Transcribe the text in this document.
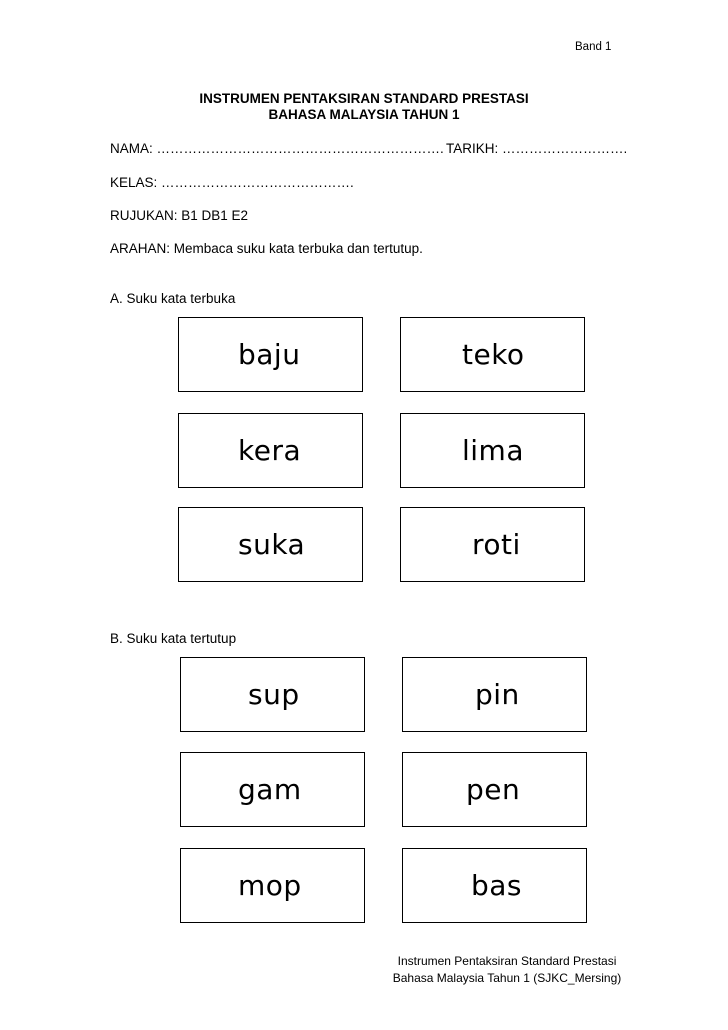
Band 1
INSTRUMEN PENTAKSIRAN STANDARD PRESTASI
BAHASA MALAYSIA TAHUN 1
NAMA: ………………………………………………………. TARIKH: ……………………….
KELAS: …………………………………….
RUJUKAN: B1 DB1 E2
ARAHAN: Membaca suku kata terbuka dan tertutup.
A. Suku kata terbuka
baju	teko
kera	lima
suka	roti
B. Suku kata tertutup
sup	pin
gam	pen
mop	bas
Instrumen Pentaksiran Standard Prestasi
Bahasa Malaysia Tahun 1 (SJKC_Mersing)
